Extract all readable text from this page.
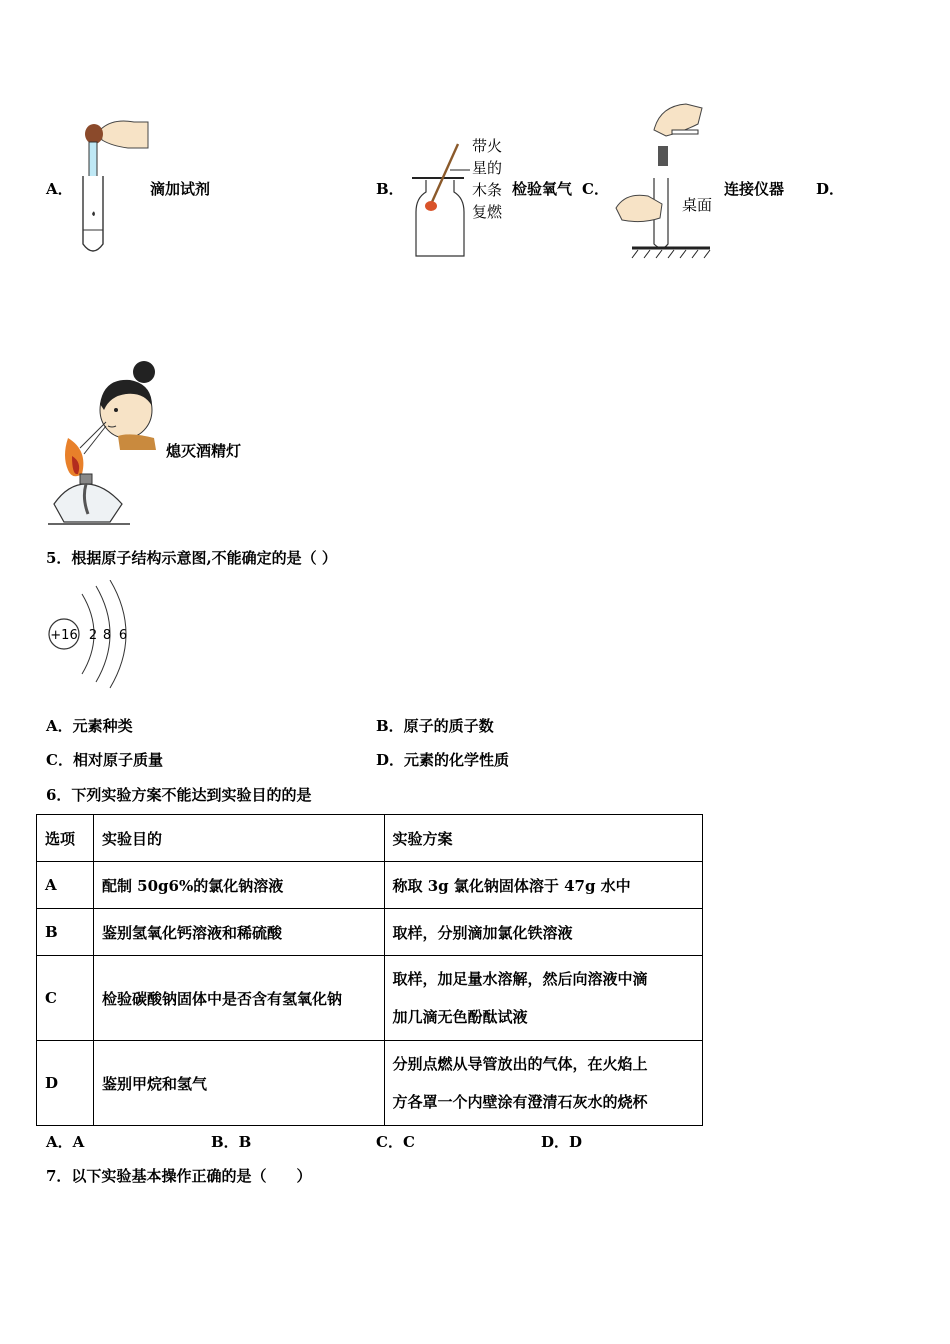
A．	滴加试剂	B．
带火
星的
木条
复燃
检验氧气 C．
桌面
连接仪器 D．
熄灭酒精灯
5．根据原子结构示意图,不能确定的是（ ）
+16 2 8 6
A．元素种类	B．原子的质子数
C．相对原子质量	D．元素的化学性质
6．下列实验方案不能达到实验目的的是
选项	实验目的	实验方案
A	配制 50g6%的氯化钠溶液	称取 3g 氯化钠固体溶于 47g 水中
B	鉴别氢氧化钙溶液和稀硫酸	取样，分别滴加氯化铁溶液
C	检验碳酸钠固体中是否含有氢氧化钠	取样，加足量水溶解，然后向溶液中滴
加几滴无色酚酞试液

D	鉴别甲烷和氢气	分别点燃从导管放出的气体，在火焰上
方各罩一个内壁涂有澄清石灰水的烧杯
A．A	B．B	C．C	D．D
7．以下实验基本操作正确的是（　　）
